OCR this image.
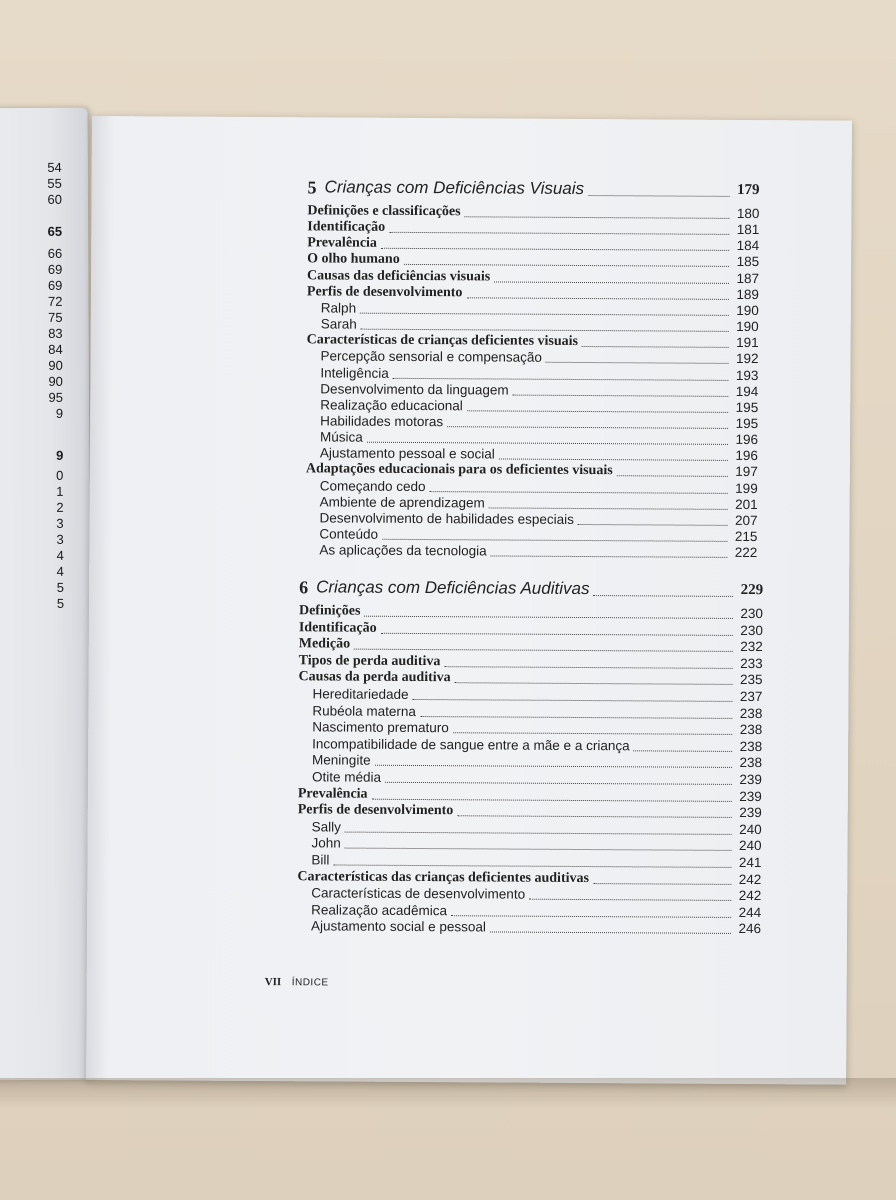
54
55
60
65
66
69
69
72
75
83
84
90
90
95
9
9
0
1
2
3
3
4
4
5
5
5 Crianças com Deficiências Visuais	179
Definições e classificações	180
Identificação	181
Prevalência	184
O olho humano	185
Causas das deficiências visuais	187
Perfis de desenvolvimento	189
Ralph	190
Sarah	190
Características de crianças deficientes visuais	191
Percepção sensorial e compensação	192
Inteligência	193
Desenvolvimento da linguagem	194
Realização educacional	195
Habilidades motoras	195
Música	196
Ajustamento pessoal e social	196
Adaptações educacionais para os deficientes visuais	197
Começando cedo	199
Ambiente de aprendizagem	201
Desenvolvimento de habilidades especiais	207
Conteúdo	215
As aplicações da tecnologia	222
6 Crianças com Deficiências Auditivas	229
Definições	230
Identificação	230
Medição	232
Tipos de perda auditiva	233
Causas da perda auditiva	235
Hereditariedade	237
Rubéola materna	238
Nascimento prematuro	238
Incompatibilidade de sangue entre a mãe e a criança	238
Meningite	238
Otite média	239
Prevalência	239
Perfis de desenvolvimento	239
Sally	240
John	240
Bill	241
Características das crianças deficientes auditivas	242
Características de desenvolvimento	242
Realização acadêmica	244
Ajustamento social e pessoal	246
VII ÍNDICE
